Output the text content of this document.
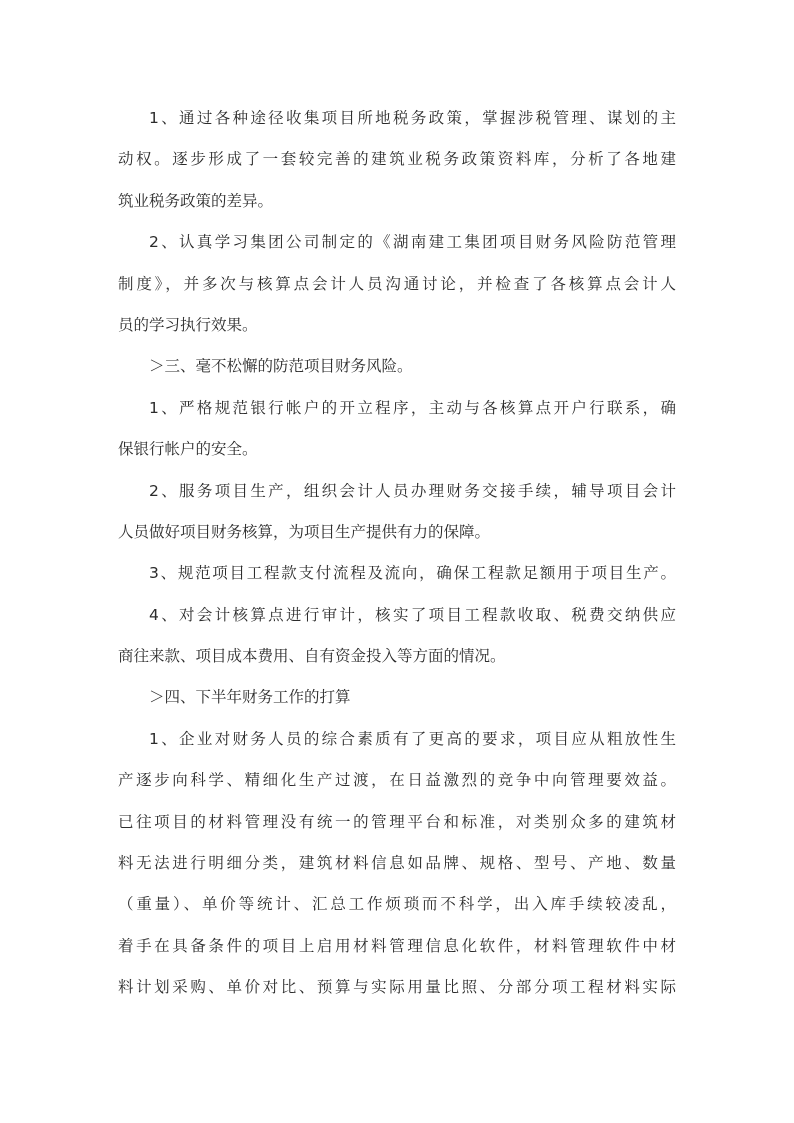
1、通过各种途径收集项目所地税务政策，掌握涉税管理、谋划的主
动权。逐步形成了一套较完善的建筑业税务政策资料库，分析了各地建
筑业税务政策的差异。
2、认真学习集团公司制定的《湖南建工集团项目财务风险防范管理
制度》，并多次与核算点会计人员沟通讨论，并检查了各核算点会计人
员的学习执行效果。
＞三、毫不松懈的防范项目财务风险。
1、严格规范银行帐户的开立程序，主动与各核算点开户行联系，确
保银行帐户的安全。
2、服务项目生产，组织会计人员办理财务交接手续，辅导项目会计
人员做好项目财务核算，为项目生产提供有力的保障。
3、规范项目工程款支付流程及流向，确保工程款足额用于项目生产。
4、对会计核算点进行审计，核实了项目工程款收取、税费交纳供应
商往来款、项目成本费用、自有资金投入等方面的情况。
＞四、下半年财务工作的打算
1、企业对财务人员的综合素质有了更高的要求，项目应从粗放性生
产逐步向科学、精细化生产过渡，在日益激烈的竞争中向管理要效益。
已往项目的材料管理没有统一的管理平台和标准，对类别众多的建筑材
料无法进行明细分类，建筑材料信息如品牌、规格、型号、产地、数量
（重量）、单价等统计、汇总工作烦琐而不科学，出入库手续较凌乱，
着手在具备条件的项目上启用材料管理信息化软件，材料管理软件中材
料计划采购、单价对比、预算与实际用量比照、分部分项工程材料实际
